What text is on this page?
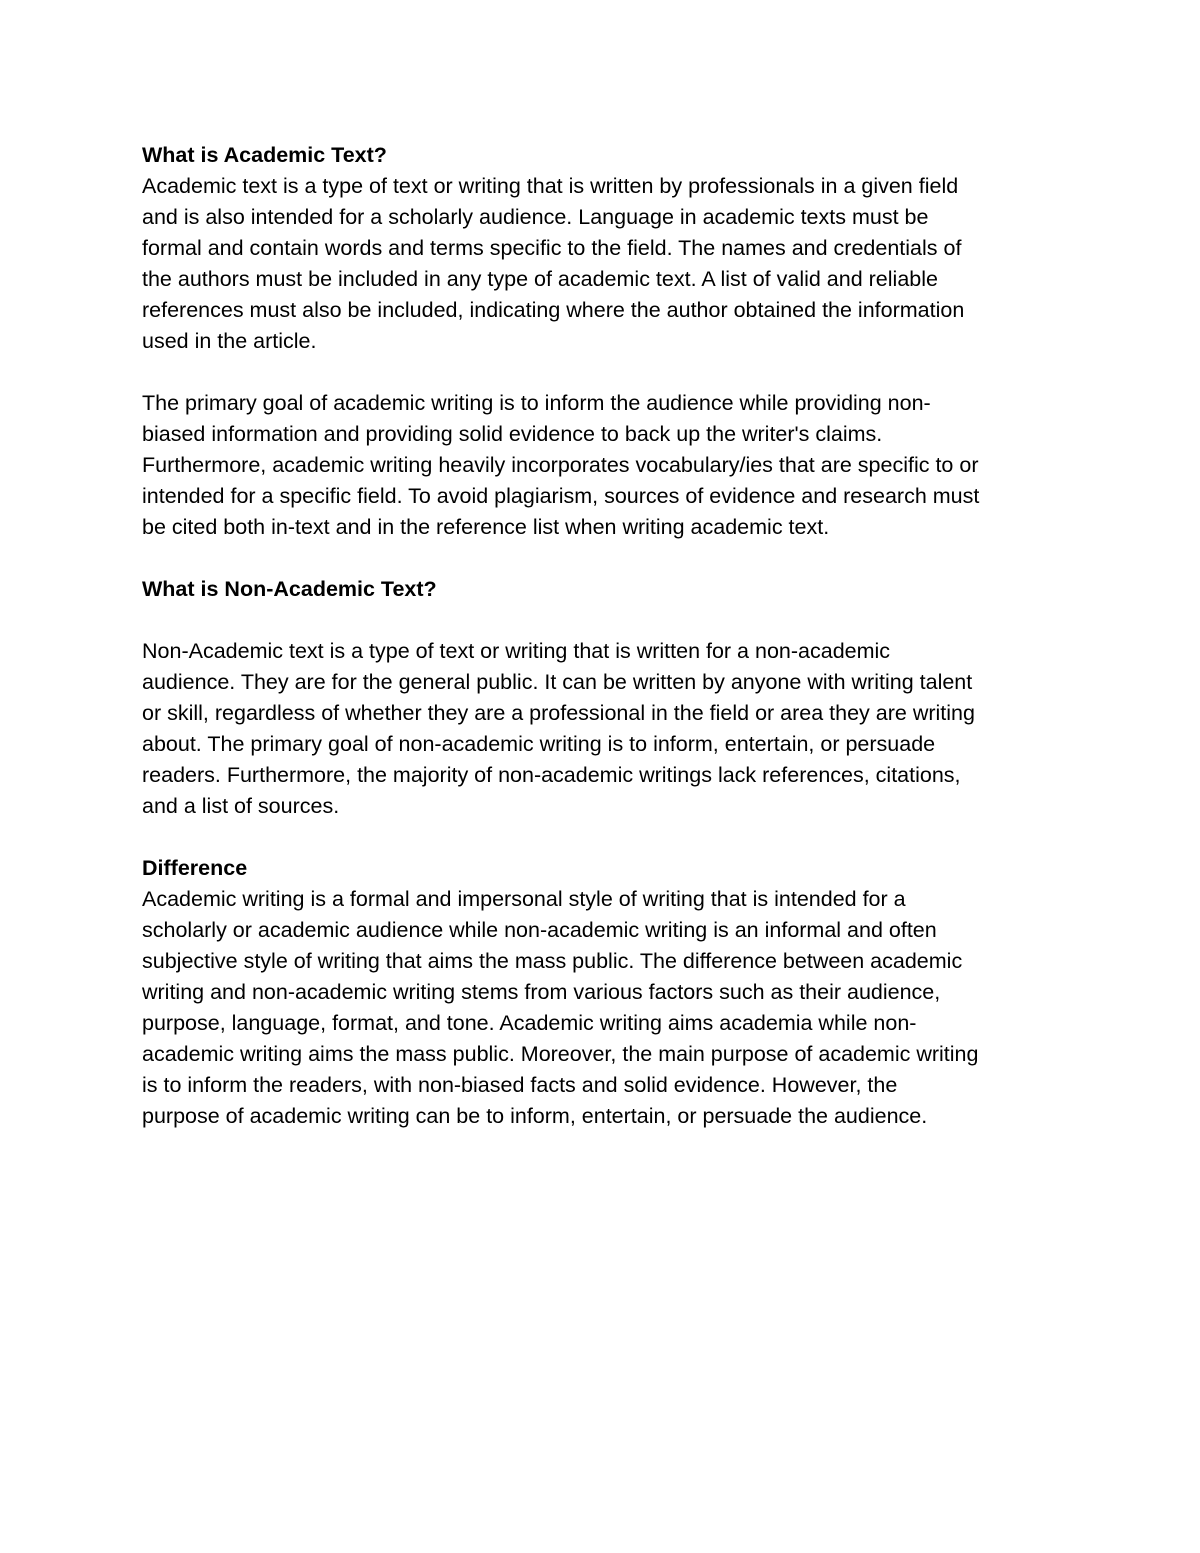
What is Academic Text?

Academic text is a type of text or writing that is written by professionals in a given field
and is also intended for a scholarly audience. Language in academic texts must be
formal and contain words and terms specific to the field. The names and credentials of
the authors must be included in any type of academic text. A list of valid and reliable
references must also be included, indicating where the author obtained the information
used in the article.

The primary goal of academic writing is to inform the audience while providing non-
biased information and providing solid evidence to back up the writer's claims.
Furthermore, academic writing heavily incorporates vocabulary/ies that are specific to or
intended for a specific field. To avoid plagiarism, sources of evidence and research must
be cited both in-text and in the reference list when writing academic text.

What is Non-Academic Text?

Non-Academic text is a type of text or writing that is written for a non-academic
audience. They are for the general public. It can be written by anyone with writing talent
or skill, regardless of whether they are a professional in the field or area they are writing
about. The primary goal of non-academic writing is to inform, entertain, or persuade
readers. Furthermore, the majority of non-academic writings lack references, citations,
and a list of sources.

Difference

Academic writing is a formal and impersonal style of writing that is intended for a
scholarly or academic audience while non-academic writing is an informal and often
subjective style of writing that aims the mass public. The difference between academic
writing and non-academic writing stems from various factors such as their audience,
purpose, language, format, and tone. Academic writing aims academia while non-
academic writing aims the mass public. Moreover, the main purpose of academic writing
is to inform the readers, with non-biased facts and solid evidence. However, the
purpose of academic writing can be to inform, entertain, or persuade the audience.
